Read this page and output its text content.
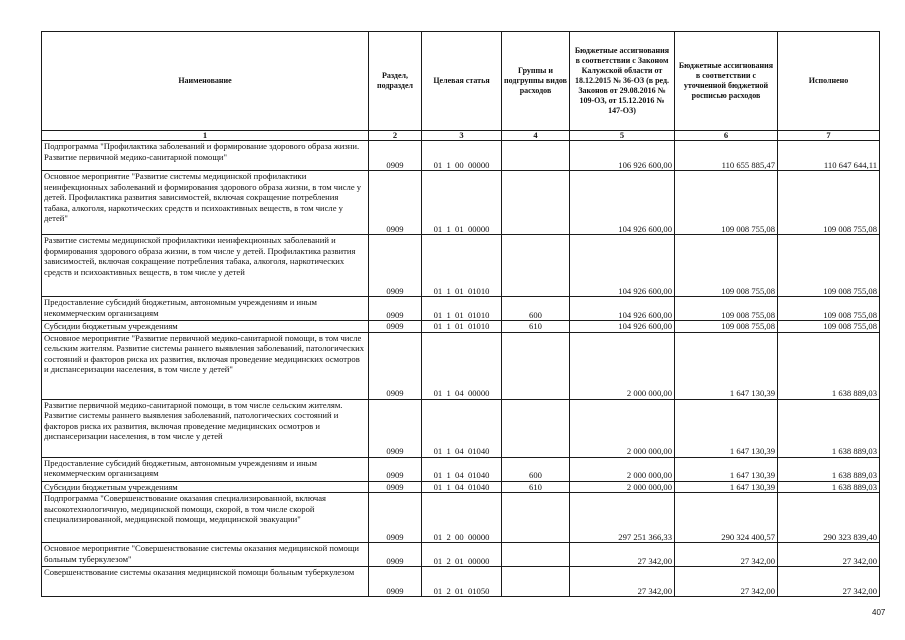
Наименование	Раздел, подраздел	Целевая статья	Группы и подгруппы видов расходов	Бюджетные ассигнования в соответствии с Законом Калужской области от 18.12.2015 № 36-ОЗ (в ред. Законов от 29.08.2016 № 109-ОЗ, от 15.12.2016 № 147-ОЗ)	Бюджетные ассигнования в соответствии с уточненной бюджетной росписью расходов	Исполнено
1	2	3	4	5	6	7
Подпрограмма "Профилактика заболеваний и формирование здорового образа жизни. Развитие первичной медико-санитарной помощи"	0909	01  1  00  00000		106 926 600,00	110 655 885,47	110 647 644,11
Основное мероприятие "Развитие системы медицинской профилактики неинфекционных заболеваний и формирования здорового образа жизни, в том числе у детей. Профилактика развития зависимостей, включая сокращение потребления табака, алкоголя, наркотических средств и психоактивных веществ, в том числе у детей"	0909	01  1  01  00000		104 926 600,00	109 008 755,08	109 008 755,08
Развитие системы медицинской профилактики неинфекционных заболеваний и формирования здорового образа жизни, в том числе у детей. Профилактика развития зависимостей, включая сокращение потребления табака, алкоголя, наркотических средств и психоактивных веществ, в том числе у детей	0909	01  1  01  01010		104 926 600,00	109 008 755,08	109 008 755,08
Предоставление субсидий бюджетным, автономным учреждениям и иным некоммерческим организациям	0909	01  1  01  01010	600	104 926 600,00	109 008 755,08	109 008 755,08
Субсидии бюджетным учреждениям	0909	01  1  01  01010	610	104 926 600,00	109 008 755,08	109 008 755,08
Основное мероприятие "Развитие первичной медико-санитарной помощи, в том числе сельским жителям. Развитие системы раннего выявления заболеваний, патологических состояний и факторов риска их развития, включая проведение медицинских осмотров и диспансеризации населения, в том числе у детей"	0909	01  1  04  00000		2 000 000,00	1 647 130,39	1 638 889,03
Развитие первичной медико-санитарной помощи, в том числе сельским жителям. Развитие системы раннего выявления заболеваний, патологических состояний и факторов риска их развития, включая проведение медицинских осмотров и диспансеризации населения, в том числе у детей	0909	01  1  04  01040		2 000 000,00	1 647 130,39	1 638 889,03
Предоставление субсидий бюджетным, автономным учреждениям и иным некоммерческим организациям	0909	01  1  04  01040	600	2 000 000,00	1 647 130,39	1 638 889,03
Субсидии бюджетным учреждениям	0909	01  1  04  01040	610	2 000 000,00	1 647 130,39	1 638 889,03
Подпрограмма "Совершенствование оказания специализированной, включая высокотехнологичную, медицинской помощи, скорой, в том числе скорой специализированной, медицинской помощи, медицинской эвакуации"	0909	01  2  00  00000		297 251 366,33	290 324 400,57	290 323 839,40
Основное мероприятие "Совершенствование системы оказания медицинской помощи больным туберкулезом"	0909	01  2  01  00000		27 342,00	27 342,00	27 342,00
Совершенствование системы оказания медицинской помощи больным туберкулезом	0909	01  2  01  01050		27 342,00	27 342,00	27 342,00
407
